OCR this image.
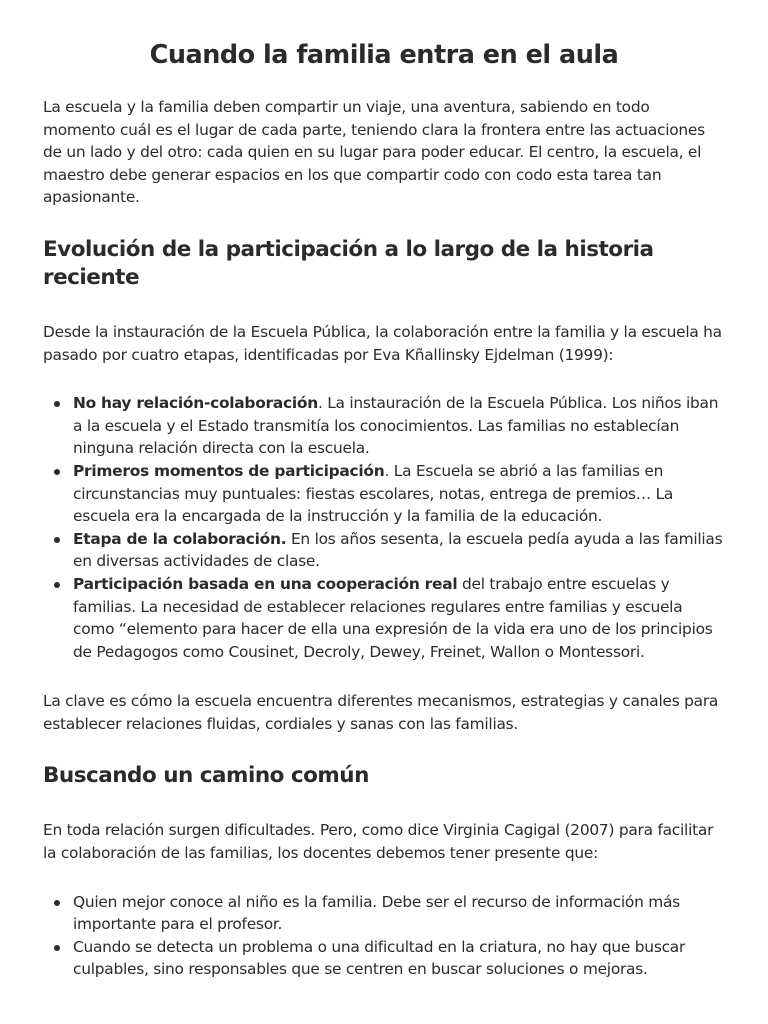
Cuando la familia entra en el aula

La escuela y la familia deben compartir un viaje, una aventura, sabiendo en todo momento cuál es el lugar de cada parte, teniendo clara la frontera entre las actuaciones de un lado y del otro: cada quien en su lugar para poder educar. El centro, la escuela, el maestro debe generar espacios en los que compartir codo con codo esta tarea tan apasionante.

Evolución de la participación a lo largo de la historia reciente

Desde la instauración de la Escuela Pública, la colaboración entre la familia y la escuela ha pasado por cuatro etapas, identificadas por Eva Kñallinsky Ejdelman (1999):

No hay relación-colaboración. La instauración de la Escuela Pública. Los niños iban a la escuela y el Estado transmitía los conocimientos. Las familias no establecían ninguna relación directa con la escuela.
Primeros momentos de participación. La Escuela se abrió a las familias en circunstancias muy puntuales: fiestas escolares, notas, entrega de premios… La escuela era la encargada de la instrucción y la familia de la educación.
Etapa de la colaboración. En los años sesenta, la escuela pedía ayuda a las familias en diversas actividades de clase.
Participación basada en una cooperación real del trabajo entre escuelas y familias. La necesidad de establecer relaciones regulares entre familias y escuela como “elemento para hacer de ella una expresión de la vida era uno de los principios de Pedagogos como Cousinet, Decroly, Dewey, Freinet, Wallon o Montessori.

La clave es cómo la escuela encuentra diferentes mecanismos, estrategias y canales para establecer relaciones fluidas, cordiales y sanas con las familias.

Buscando un camino común

En toda relación surgen dificultades. Pero, como dice Virginia Cagigal (2007) para facilitar la colaboración de las familias, los docentes debemos tener presente que:

Quien mejor conoce al niño es la familia. Debe ser el recurso de información más importante para el profesor.
Cuando se detecta un problema o una dificultad en la criatura, no hay que buscar culpables, sino responsables que se centren en buscar soluciones o mejoras.
